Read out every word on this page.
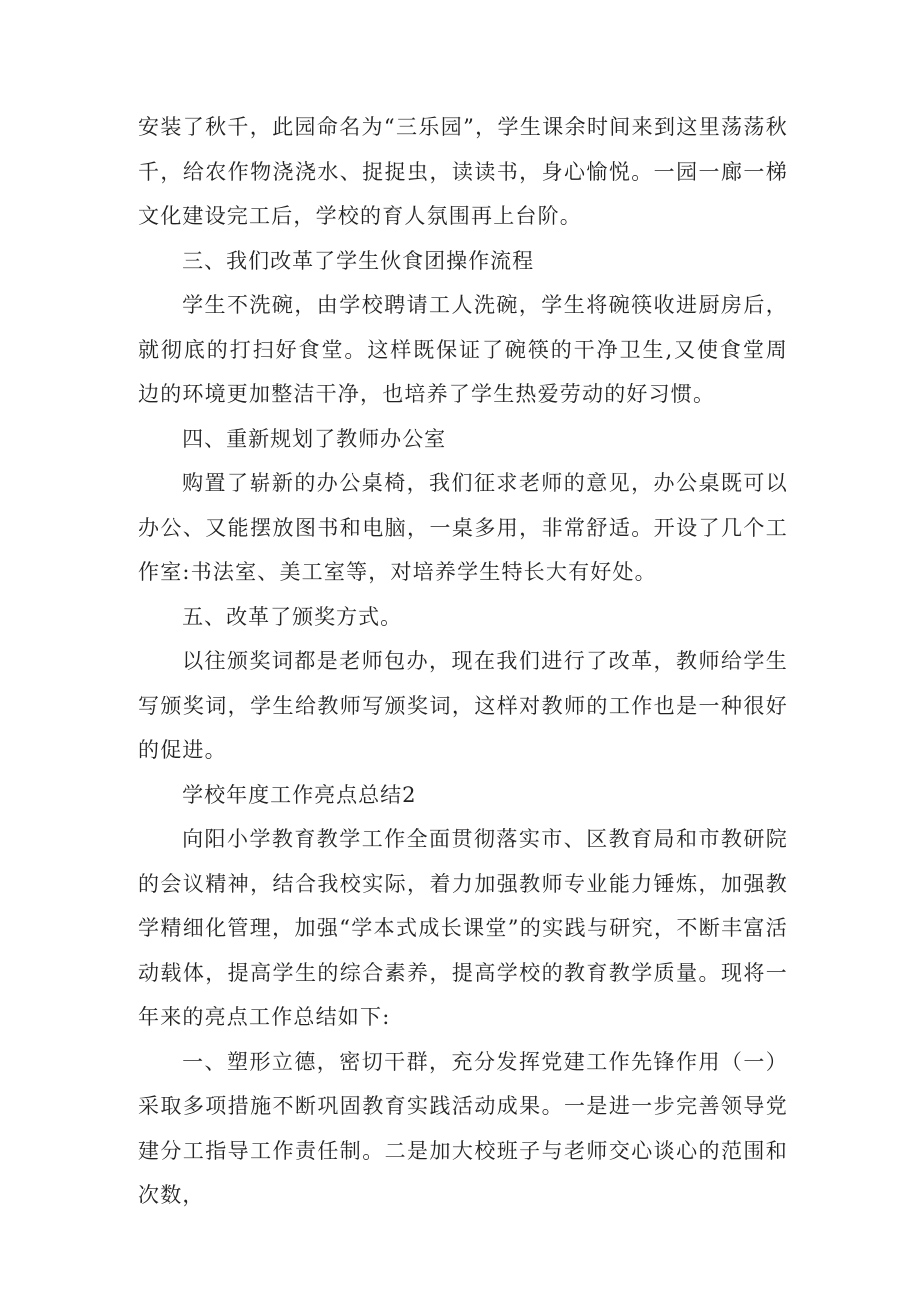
安装了秋千，此园命名为“三乐园”，学生课余时间来到这里荡荡秋千，给农作物浇浇水、捉捉虫，读读书，身心愉悦。一园一廊一梯文化建设完工后，学校的育人氛围再上台阶。

三、我们改革了学生伙食团操作流程

学生不洗碗，由学校聘请工人洗碗，学生将碗筷收进厨房后，就彻底的打扫好食堂。这样既保证了碗筷的干净卫生,又使食堂周边的环境更加整洁干净，也培养了学生热爱劳动的好习惯。

四、重新规划了教师办公室

购置了崭新的办公桌椅，我们征求老师的意见，办公桌既可以办公、又能摆放图书和电脑，一桌多用，非常舒适。开设了几个工作室:书法室、美工室等，对培养学生特长大有好处。

五、改革了颁奖方式。

以往颁奖词都是老师包办，现在我们进行了改革，教师给学生写颁奖词，学生给教师写颁奖词，这样对教师的工作也是一种很好的促进。

学校年度工作亮点总结2

向阳小学教育教学工作全面贯彻落实市、区教育局和市教研院的会议精神，结合我校实际，着力加强教师专业能力锤炼，加强教学精细化管理，加强“学本式成长课堂”的实践与研究，不断丰富活动载体，提高学生的综合素养，提高学校的教育教学质量。现将一年来的亮点工作总结如下:

一、塑形立德，密切干群，充分发挥党建工作先锋作用（一）采取多项措施不断巩固教育实践活动成果。一是进一步完善领导党建分工指导工作责任制。二是加大校班子与老师交心谈心的范围和次数，
